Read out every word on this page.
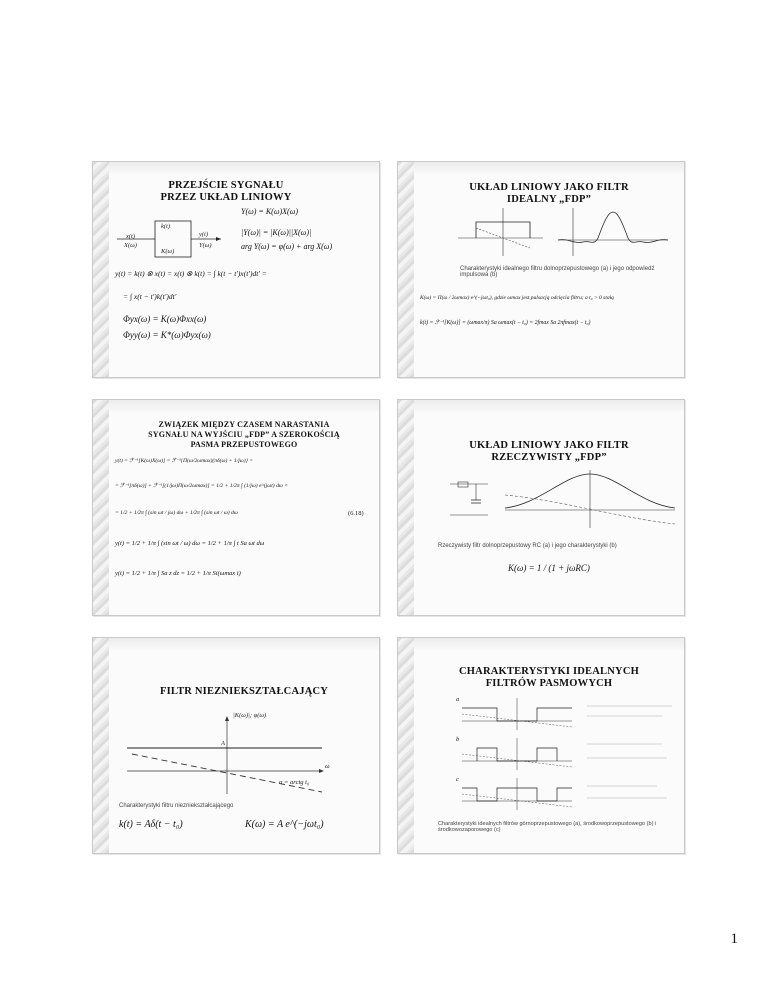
PRZEJŚCIE SYGNAŁU
PRZEZ UKŁAD LINIOWY
x(t)
X(ω)
k(t)
K(ω)
y(t)
Y(ω)
Y(ω) = K(ω)X(ω)
|Y(ω)| = |K(ω)||X(ω)|
arg Y(ω) = φ(ω) + arg X(ω)
y(t) = k(t) ⊗ x(t) = x(t) ⊗ k(t) = ∫ k(t − t′)x(t′)dt′ =
= ∫ x(t − t′)k(t′)dt′
Φyx(ω) = K(ω)Φxx(ω)
Φyy(ω) = K*(ω)Φyx(ω)
UKŁAD LINIOWY JAKO FILTR
IDEALNY „FDP”
Charakterystyki idealnego filtru dolnoprzepustowego (a) i jego odpowiedź impulsowa (b)
K(ω) = Π(ω / 2ωmax) e^(−jωt₀), gdzie ωmax jest pulsacją odcięcia filtru; a t₀ > 0 stałą
k(t) = ℱ⁻¹[K(ω)] = (ωmax/π) Sa ωmax(t − t₀) = 2fmax Sa 2πfmax(t − t₀)
ZWIĄZEK MIĘDZY CZASEM NARASTANIA
SYGNAŁU NA WYJŚCIU „FDP” A SZEROKOŚCIĄ
PASMA PRZEPUSTOWEGO
y(t) = ℱ⁻¹[K(ω)X(ω)] = ℱ⁻¹{Π(ω/2ωmax)(πδ(ω) + 1/jω)} =
= ℱ⁻¹[πδ(ω)] + ℱ⁻¹[(1/jω)Π(ω/2ωmax)] = 1/2 + 1/2π ∫ (1/jω) e^(jωt) dω =
= 1/2 + 1/2π ∫ (sin ωt / jω) dω + 1/2π ∫ (sin ωt / ω) dω	(6.18)
y(t) = 1/2 + 1/π ∫ (sin ωt / ω) dω = 1/2 + 1/π ∫ t Sa ωt dω
y(t) = 1/2 + 1/π ∫ Sa z dz = 1/2 + 1/π Si(ωmax t)
UKŁAD LINIOWY JAKO FILTR
RZECZYWISTY „FDP”
Rzeczywisty filtr dolnoprzepustowy RC (a) i jego charakterystyki (b)
K(ω) = 1 / (1 + jωRC)
FILTR NIEZNIEKSZTAŁCAJĄCY
|K(ω)|; φ(ω)
A
ω
α = arctg t₀
Charakterystyki filtru niezniekształcającego
k(t) = Aδ(t − t₀)	K(ω) = A e^(−jωt₀)
CHARAKTERYSTYKI IDEALNYCH
FILTRÓW PASMOWYCH
a
b
c
Charakterystyki idealnych filtrów górnoprzepustowego (a), środkowoprzepustowego (b) i środkowozaporowego (c)
1
